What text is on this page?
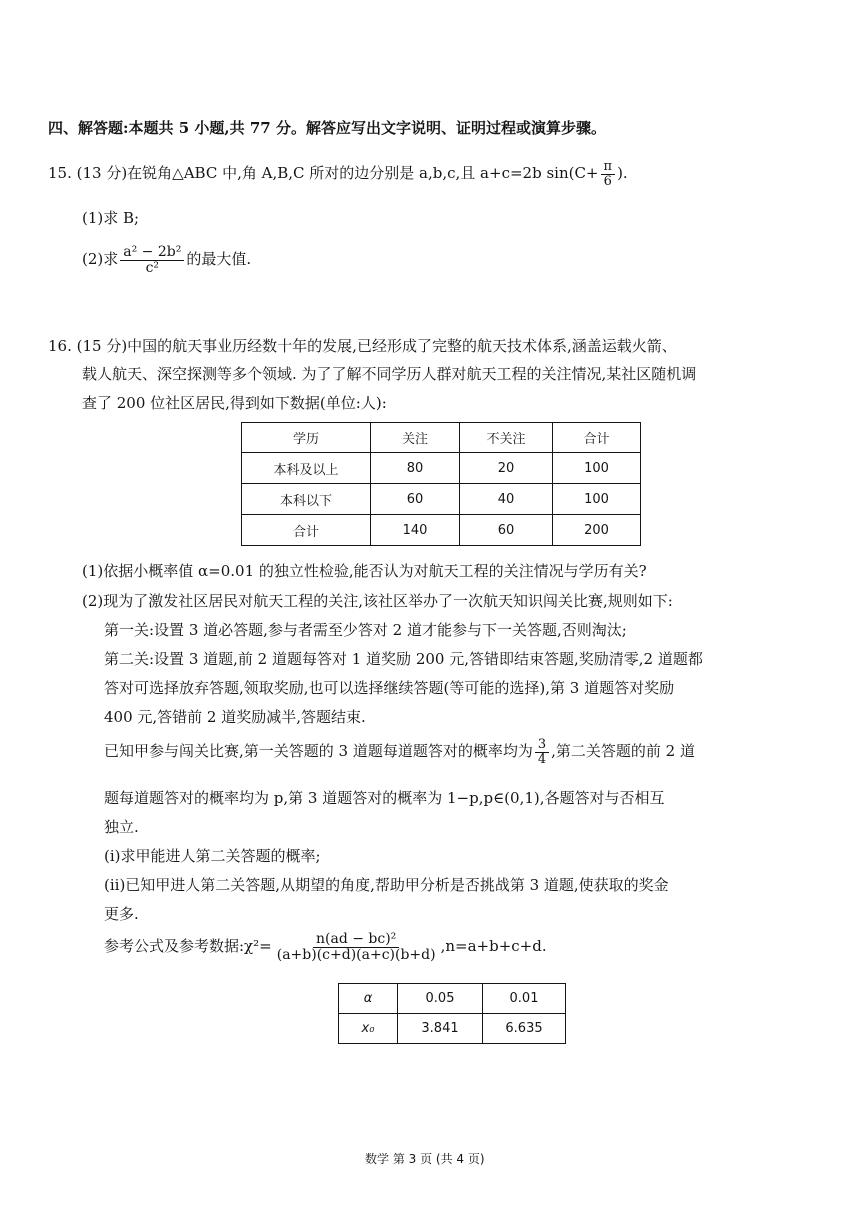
四、解答题:本题共 5 小题,共 77 分。解答应写出文字说明、证明过程或演算步骤。
15. (13 分)在锐角△ABC 中,角 A,B,C 所对的边分别是 a,b,c,且 a+c=2b $\sin(C+ \frac{\pi}{6}$ ).
(1)求 B;
(2)求 $\frac{\text{a² − 2b²}}{\text{c²}}$ 的最大值.
16. (15 分)中国的航天事业历经数十年的发展,已经形成了完整的航天技术体系,涵盖运载火箭、
载人航天、深空探测等多个领域. 为了了解不同学历人群对航天工程的关注情况,某社区随机调
查了 200 位社区居民,得到如下数据(单位:人):
学历	关注	不关注	合计
本科及以上	80	20	100
本科以下	60	40	100
合计	140	60	200
(1)依据小概率值 α=0.01 的独立性检验,能否认为对航天工程的关注情况与学历有关?
(2)现为了激发社区居民对航天工程的关注,该社区举办了一次航天知识闯关比赛,规则如下:
第一关:设置 3 道必答题,参与者需至少答对 2 道才能参与下一关答题,否则淘汰;
第二关:设置 3 道题,前 2 道题每答对 1 道奖励 200 元,答错即结束答题,奖励清零,2 道题都
答对可选择放弃答题,领取奖励,也可以选择继续答题(等可能的选择),第 3 道题答对奖励
400 元,答错前 2 道奖励减半,答题结束.
已知甲参与闯关比赛,第一关答题的 3 道题每道题答对的概率均为 $\frac{3}{4}$ ,第二关答题的前 2 道
题每道题答对的概率均为 p,第 3 道题答对的概率为 1−p,p∈(0,1),各题答对与否相互
独立.
(ⅰ)求甲能进人第二关答题的概率;
(ⅱ)已知甲进人第二关答题,从期望的角度,帮助甲分析是否挑战第 3 道题,使获取的奖金
更多.
参考公式及参考数据:χ²= $\frac{\text{n(ad − bc)²}}{(a+b)(c+d)(a+c)(b+d)} ,n=a+b+c+d$.
α	0.05	0.01
x₀	3.841	6.635
数学 第 3 页 (共 4 页)
